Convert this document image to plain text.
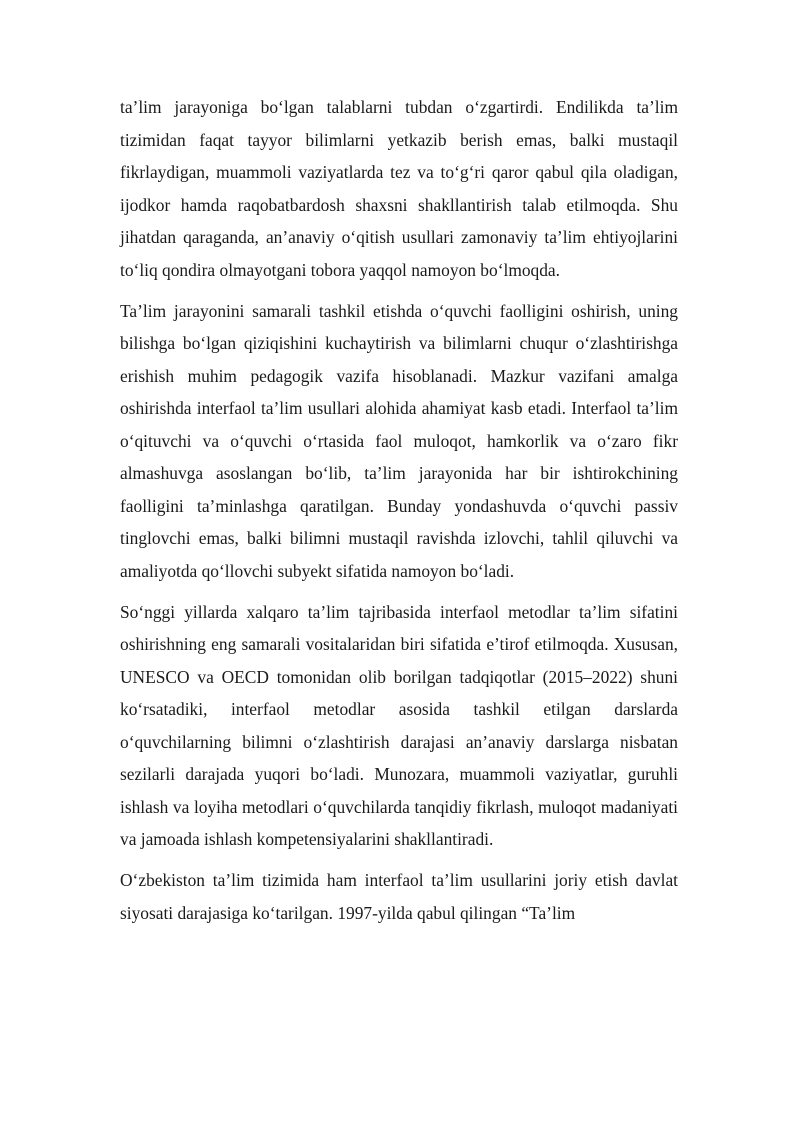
ta’lim jarayoniga bo‘lgan talablarni tubdan o‘zgartirdi. Endilikda ta’lim tizimidan faqat tayyor bilimlarni yetkazib berish emas, balki mustaqil fikrlaydigan, muammoli vaziyatlarda tez va to‘g‘ri qaror qabul qila oladigan, ijodkor hamda raqobatbardosh shaxsni shakllantirish talab etilmoqda. Shu jihatdan qaraganda, an’anaviy o‘qitish usullari zamonaviy ta’lim ehtiyojlarini to‘liq qondira olmayotgani tobora yaqqol namoyon bo‘lmoqda.

Ta’lim jarayonini samarali tashkil etishda o‘quvchi faolligini oshirish, uning bilishga bo‘lgan qiziqishini kuchaytirish va bilimlarni chuqur o‘zlashtirishga erishish muhim pedagogik vazifa hisoblanadi. Mazkur vazifani amalga oshirishda interfaol ta’lim usullari alohida ahamiyat kasb etadi. Interfaol ta’lim o‘qituvchi va o‘quvchi o‘rtasida faol muloqot, hamkorlik va o‘zaro fikr almashuvga asoslangan bo‘lib, ta’lim jarayonida har bir ishtirokchining faolligini ta’minlashga qaratilgan. Bunday yondashuvda o‘quvchi passiv tinglovchi emas, balki bilimni mustaqil ravishda izlovchi, tahlil qiluvchi va amaliyotda qo‘llovchi subyekt sifatida namoyon bo‘ladi.

So‘nggi yillarda xalqaro ta’lim tajribasida interfaol metodlar ta’lim sifatini oshirishning eng samarali vositalaridan biri sifatida e’tirof etilmoqda. Xususan, UNESCO va OECD tomonidan olib borilgan tadqiqotlar (2015–2022) shuni ko‘rsatadiki, interfaol metodlar asosida tashkil etilgan darslarda o‘quvchilarning bilimni o‘zlashtirish darajasi an’anaviy darslarga nisbatan sezilarli darajada yuqori bo‘ladi. Munozara, muammoli vaziyatlar, guruhli ishlash va loyiha metodlari o‘quvchilarda tanqidiy fikrlash, muloqot madaniyati va jamoada ishlash kompetensiyalarini shakllantiradi.

O‘zbekiston ta’lim tizimida ham interfaol ta’lim usullarini joriy etish davlat siyosati darajasiga ko‘tarilgan. 1997-yilda qabul qilingan “Ta’lim
